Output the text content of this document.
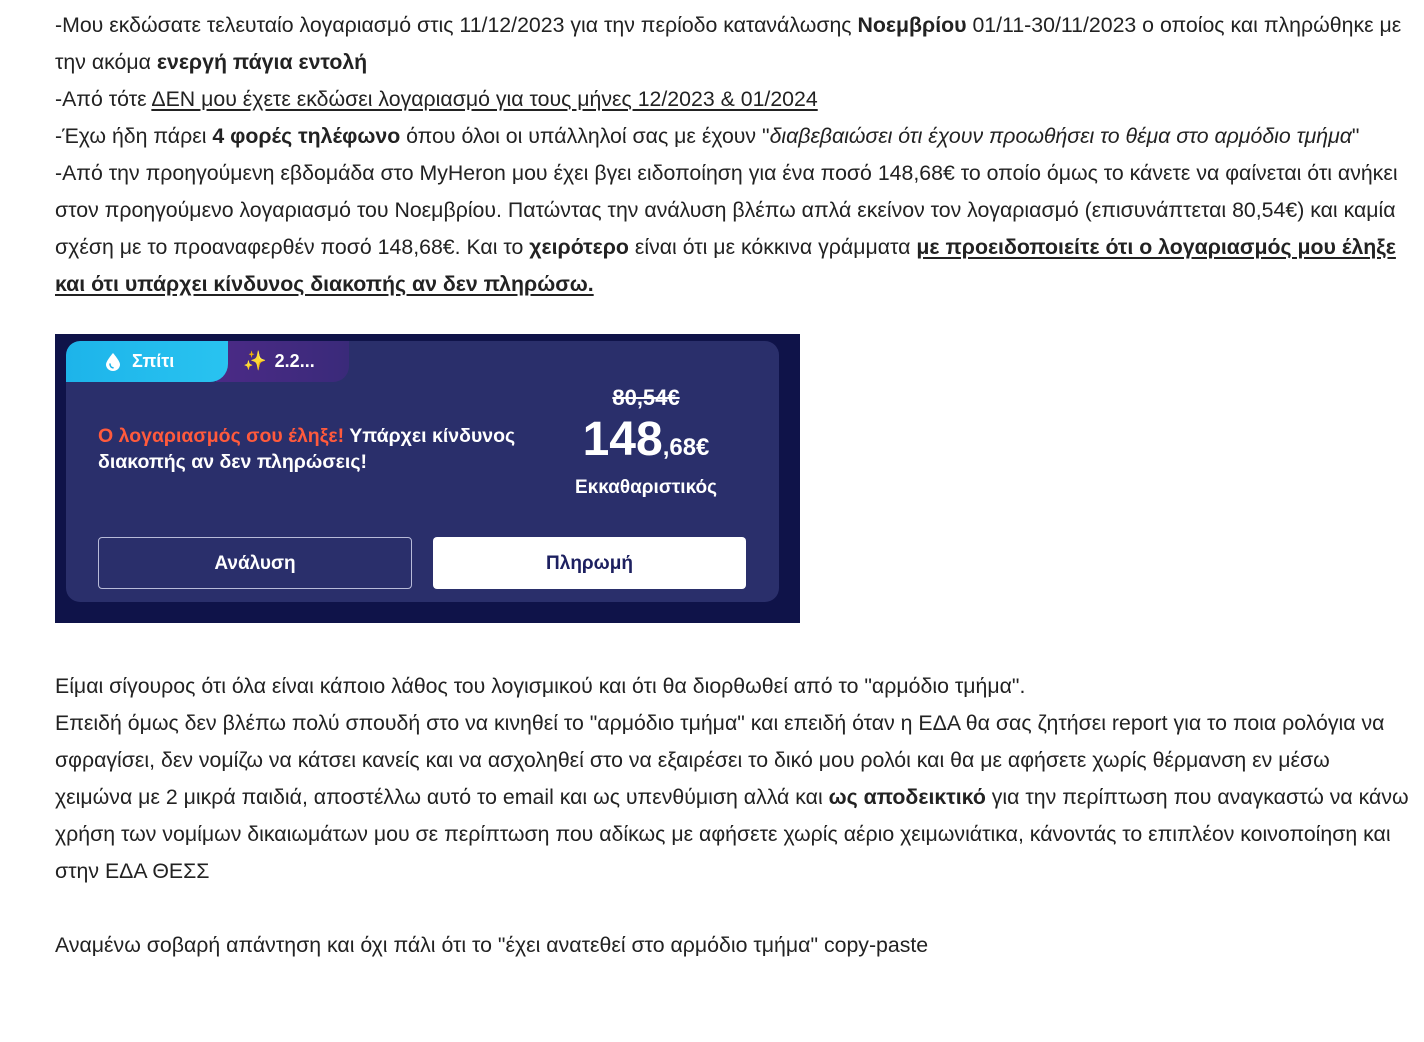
-Μου εκδώσατε τελευταίο λογαριασμό στις 11/12/2023 για την περίοδο κατανάλωσης Νοεμβρίου 01/11-30/11/2023 ο οποίος και πληρώθηκε με την ακόμα ενεργή πάγια εντολή

-Από τότε ΔΕΝ μου έχετε εκδώσει λογαριασμό για τους μήνες 12/2023 & 01/2024

-Έχω ήδη πάρει 4 φορές τηλέφωνο όπου όλοι οι υπάλληλοί σας με έχουν "διαβεβαιώσει ότι έχουν προωθήσει το θέμα στο αρμόδιο τμήμα"

-Από την προηγούμενη εβδομάδα στο MyHeron μου έχει βγει ειδοποίηση για ένα ποσό 148,68€ το οποίο όμως το κάνετε να φαίνεται ότι ανήκει στον προηγούμενο λογαριασμό του Νοεμβρίου. Πατώντας την ανάλυση βλέπω απλά εκείνον τον λογαριασμό (επισυνάπτεται 80,54€) και καμία σχέση με το προαναφερθέν ποσό 148,68€. Και το χειρότερο είναι ότι με κόκκινα γράμματα με προειδοποιείτε ότι ο λογαριασμός μου έληξε και ότι υπάρχει κίνδυνος διακοπής αν δεν πληρώσω.

Σπίτι	✨ 2.2...
Ο λογαριασμός σου έληξε! Υπάρχει κίνδυνος διακοπής αν δεν πληρώσεις!
80,54€
148,68€
Εκκαθαριστικός
Ανάλυση	Πληρωμή

Είμαι σίγουρος ότι όλα είναι κάποιο λάθος του λογισμικού και ότι θα διορθωθεί από το "αρμόδιο τμήμα".

Επειδή όμως δεν βλέπω πολύ σπουδή στο να κινηθεί το "αρμόδιο τμήμα" και επειδή όταν η ΕΔΑ θα σας ζητήσει report για το ποια ρολόγια να σφραγίσει, δεν νομίζω να κάτσει κανείς και να ασχοληθεί στο να εξαιρέσει το δικό μου ρολόι και θα με αφήσετε χωρίς θέρμανση εν μέσω χειμώνα με 2 μικρά παιδιά, αποστέλλω αυτό το email και ως υπενθύμιση αλλά και ως αποδεικτικό για την περίπτωση που αναγκαστώ να κάνω χρήση των νομίμων δικαιωμάτων μου σε περίπτωση που αδίκως με αφήσετε χωρίς αέριο χειμωνιάτικα, κάνοντάς το επιπλέον κοινοποίηση και στην ΕΔΑ ΘΕΣΣ

Αναμένω σοβαρή απάντηση και όχι πάλι ότι το "έχει ανατεθεί στο αρμόδιο τμήμα" copy-paste
